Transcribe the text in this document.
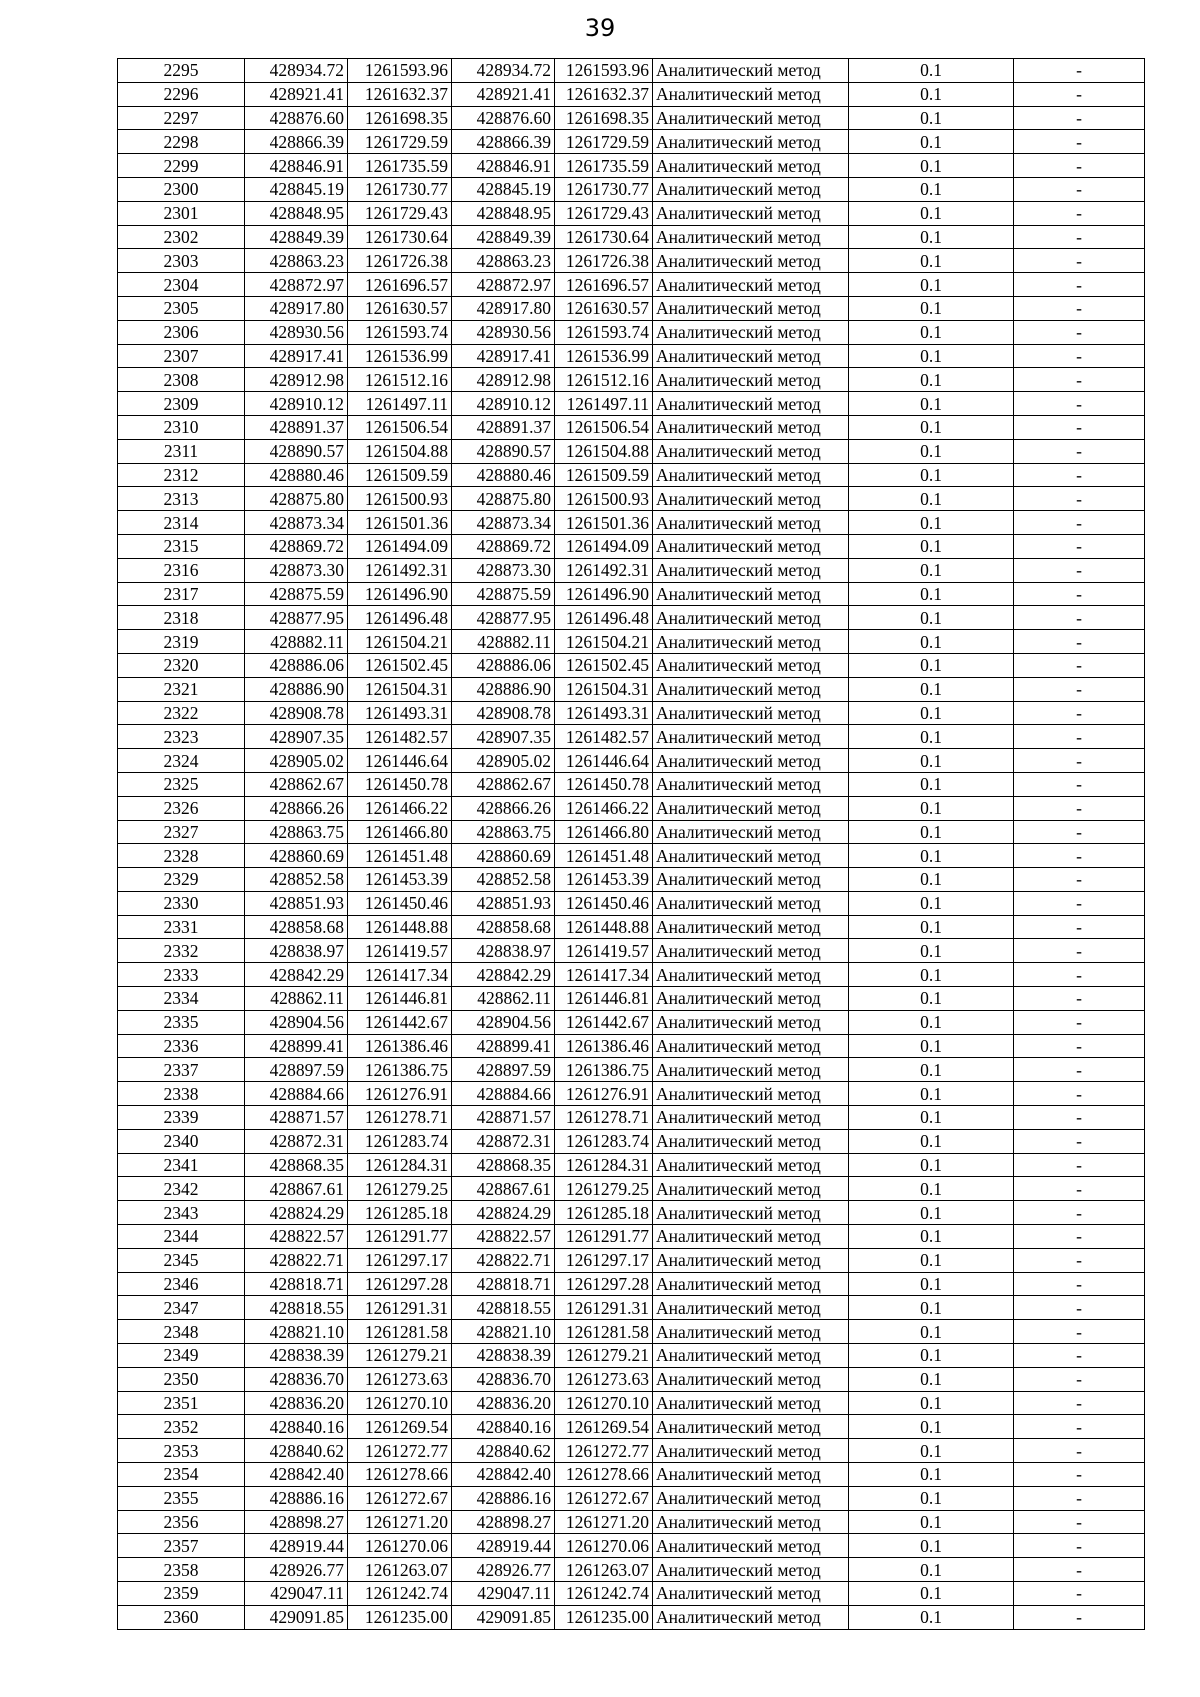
39
2295	428934.72	1261593.96	428934.72	1261593.96	Аналитический метод	0.1	-
2296	428921.41	1261632.37	428921.41	1261632.37	Аналитический метод	0.1	-
2297	428876.60	1261698.35	428876.60	1261698.35	Аналитический метод	0.1	-
2298	428866.39	1261729.59	428866.39	1261729.59	Аналитический метод	0.1	-
2299	428846.91	1261735.59	428846.91	1261735.59	Аналитический метод	0.1	-
2300	428845.19	1261730.77	428845.19	1261730.77	Аналитический метод	0.1	-
2301	428848.95	1261729.43	428848.95	1261729.43	Аналитический метод	0.1	-
2302	428849.39	1261730.64	428849.39	1261730.64	Аналитический метод	0.1	-
2303	428863.23	1261726.38	428863.23	1261726.38	Аналитический метод	0.1	-
2304	428872.97	1261696.57	428872.97	1261696.57	Аналитический метод	0.1	-
2305	428917.80	1261630.57	428917.80	1261630.57	Аналитический метод	0.1	-
2306	428930.56	1261593.74	428930.56	1261593.74	Аналитический метод	0.1	-
2307	428917.41	1261536.99	428917.41	1261536.99	Аналитический метод	0.1	-
2308	428912.98	1261512.16	428912.98	1261512.16	Аналитический метод	0.1	-
2309	428910.12	1261497.11	428910.12	1261497.11	Аналитический метод	0.1	-
2310	428891.37	1261506.54	428891.37	1261506.54	Аналитический метод	0.1	-
2311	428890.57	1261504.88	428890.57	1261504.88	Аналитический метод	0.1	-
2312	428880.46	1261509.59	428880.46	1261509.59	Аналитический метод	0.1	-
2313	428875.80	1261500.93	428875.80	1261500.93	Аналитический метод	0.1	-
2314	428873.34	1261501.36	428873.34	1261501.36	Аналитический метод	0.1	-
2315	428869.72	1261494.09	428869.72	1261494.09	Аналитический метод	0.1	-
2316	428873.30	1261492.31	428873.30	1261492.31	Аналитический метод	0.1	-
2317	428875.59	1261496.90	428875.59	1261496.90	Аналитический метод	0.1	-
2318	428877.95	1261496.48	428877.95	1261496.48	Аналитический метод	0.1	-
2319	428882.11	1261504.21	428882.11	1261504.21	Аналитический метод	0.1	-
2320	428886.06	1261502.45	428886.06	1261502.45	Аналитический метод	0.1	-
2321	428886.90	1261504.31	428886.90	1261504.31	Аналитический метод	0.1	-
2322	428908.78	1261493.31	428908.78	1261493.31	Аналитический метод	0.1	-
2323	428907.35	1261482.57	428907.35	1261482.57	Аналитический метод	0.1	-
2324	428905.02	1261446.64	428905.02	1261446.64	Аналитический метод	0.1	-
2325	428862.67	1261450.78	428862.67	1261450.78	Аналитический метод	0.1	-
2326	428866.26	1261466.22	428866.26	1261466.22	Аналитический метод	0.1	-
2327	428863.75	1261466.80	428863.75	1261466.80	Аналитический метод	0.1	-
2328	428860.69	1261451.48	428860.69	1261451.48	Аналитический метод	0.1	-
2329	428852.58	1261453.39	428852.58	1261453.39	Аналитический метод	0.1	-
2330	428851.93	1261450.46	428851.93	1261450.46	Аналитический метод	0.1	-
2331	428858.68	1261448.88	428858.68	1261448.88	Аналитический метод	0.1	-
2332	428838.97	1261419.57	428838.97	1261419.57	Аналитический метод	0.1	-
2333	428842.29	1261417.34	428842.29	1261417.34	Аналитический метод	0.1	-
2334	428862.11	1261446.81	428862.11	1261446.81	Аналитический метод	0.1	-
2335	428904.56	1261442.67	428904.56	1261442.67	Аналитический метод	0.1	-
2336	428899.41	1261386.46	428899.41	1261386.46	Аналитический метод	0.1	-
2337	428897.59	1261386.75	428897.59	1261386.75	Аналитический метод	0.1	-
2338	428884.66	1261276.91	428884.66	1261276.91	Аналитический метод	0.1	-
2339	428871.57	1261278.71	428871.57	1261278.71	Аналитический метод	0.1	-
2340	428872.31	1261283.74	428872.31	1261283.74	Аналитический метод	0.1	-
2341	428868.35	1261284.31	428868.35	1261284.31	Аналитический метод	0.1	-
2342	428867.61	1261279.25	428867.61	1261279.25	Аналитический метод	0.1	-
2343	428824.29	1261285.18	428824.29	1261285.18	Аналитический метод	0.1	-
2344	428822.57	1261291.77	428822.57	1261291.77	Аналитический метод	0.1	-
2345	428822.71	1261297.17	428822.71	1261297.17	Аналитический метод	0.1	-
2346	428818.71	1261297.28	428818.71	1261297.28	Аналитический метод	0.1	-
2347	428818.55	1261291.31	428818.55	1261291.31	Аналитический метод	0.1	-
2348	428821.10	1261281.58	428821.10	1261281.58	Аналитический метод	0.1	-
2349	428838.39	1261279.21	428838.39	1261279.21	Аналитический метод	0.1	-
2350	428836.70	1261273.63	428836.70	1261273.63	Аналитический метод	0.1	-
2351	428836.20	1261270.10	428836.20	1261270.10	Аналитический метод	0.1	-
2352	428840.16	1261269.54	428840.16	1261269.54	Аналитический метод	0.1	-
2353	428840.62	1261272.77	428840.62	1261272.77	Аналитический метод	0.1	-
2354	428842.40	1261278.66	428842.40	1261278.66	Аналитический метод	0.1	-
2355	428886.16	1261272.67	428886.16	1261272.67	Аналитический метод	0.1	-
2356	428898.27	1261271.20	428898.27	1261271.20	Аналитический метод	0.1	-
2357	428919.44	1261270.06	428919.44	1261270.06	Аналитический метод	0.1	-
2358	428926.77	1261263.07	428926.77	1261263.07	Аналитический метод	0.1	-
2359	429047.11	1261242.74	429047.11	1261242.74	Аналитический метод	0.1	-
2360	429091.85	1261235.00	429091.85	1261235.00	Аналитический метод	0.1	-
